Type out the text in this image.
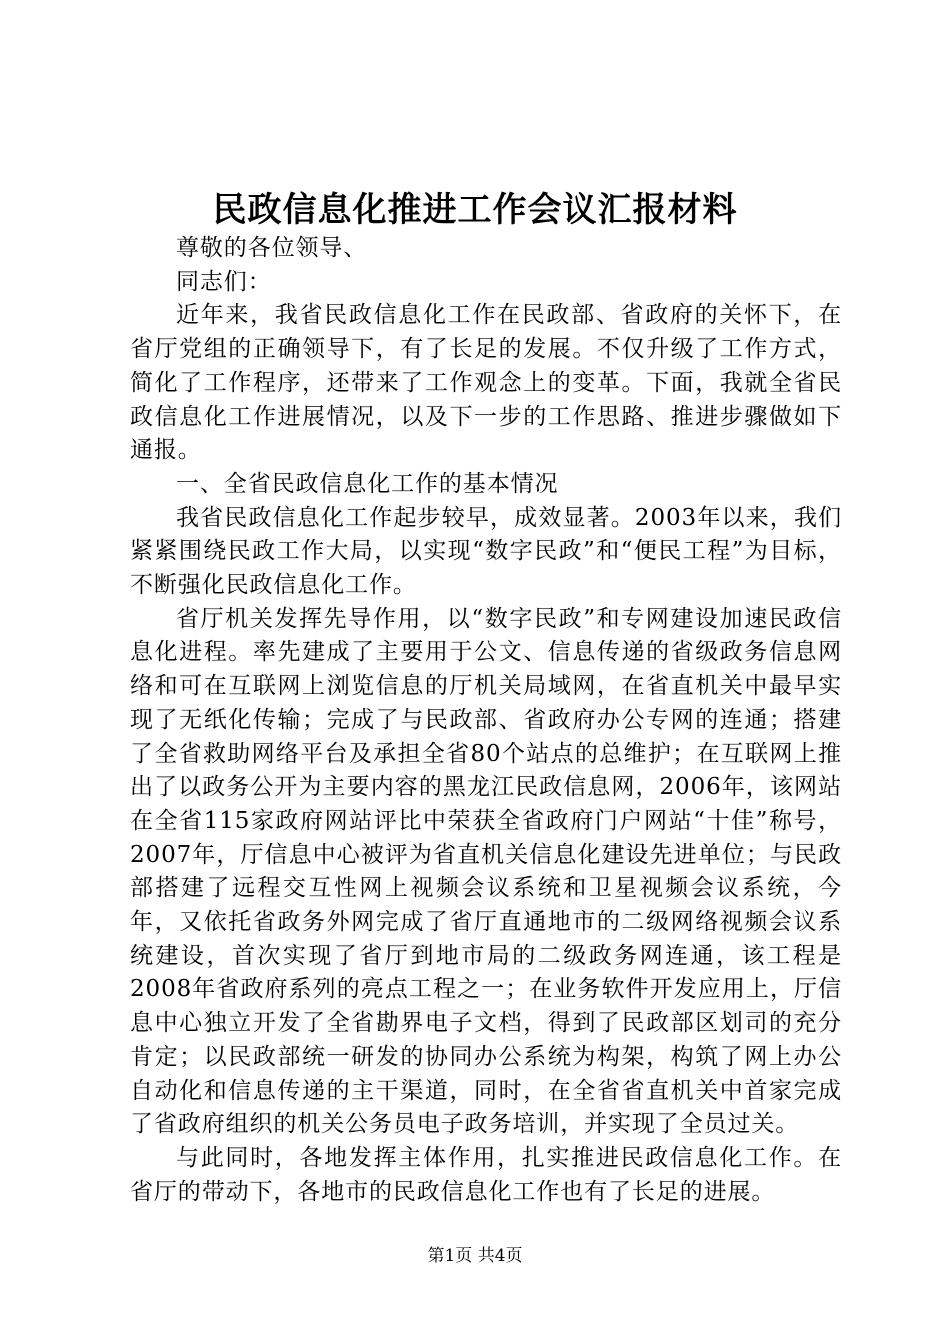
民政信息化推进工作会议汇报材料

尊敬的各位领导、

同志们：

近年来，我省民政信息化工作在民政部、省政府的关怀下，在省厅党组的正确领导下，有了长足的发展。不仅升级了工作方式，简化了工作程序，还带来了工作观念上的变革。下面，我就全省民政信息化工作进展情况，以及下一步的工作思路、推进步骤做如下通报。

一、全省民政信息化工作的基本情况

我省民政信息化工作起步较早，成效显著。2003年以来，我们紧紧围绕民政工作大局，以实现“数字民政”和“便民工程”为目标，不断强化民政信息化工作。

省厅机关发挥先导作用，以“数字民政”和专网建设加速民政信息化进程。率先建成了主要用于公文、信息传递的省级政务信息网络和可在互联网上浏览信息的厅机关局域网，在省直机关中最早实现了无纸化传输；完成了与民政部、省政府办公专网的连通；搭建了全省救助网络平台及承担全省80个站点的总维护；在互联网上推出了以政务公开为主要内容的黑龙江民政信息网，2006年，该网站在全省115家政府网站评比中荣获全省政府门户网站“十佳”称号，2007年，厅信息中心被评为省直机关信息化建设先进单位；与民政部搭建了远程交互性网上视频会议系统和卫星视频会议系统，今年，又依托省政务外网完成了省厅直通地市的二级网络视频会议系统建设，首次实现了省厅到地市局的二级政务网连通，该工程是2008年省政府系列的亮点工程之一；在业务软件开发应用上，厅信息中心独立开发了全省勘界电子文档，得到了民政部区划司的充分肯定；以民政部统一研发的协同办公系统为构架，构筑了网上办公自动化和信息传递的主干渠道，同时，在全省省直机关中首家完成了省政府组织的机关公务员电子政务培训，并实现了全员过关。

与此同时，各地发挥主体作用，扎实推进民政信息化工作。在省厅的带动下，各地市的民政信息化工作也有了长足的进展。

第1页 共4页
